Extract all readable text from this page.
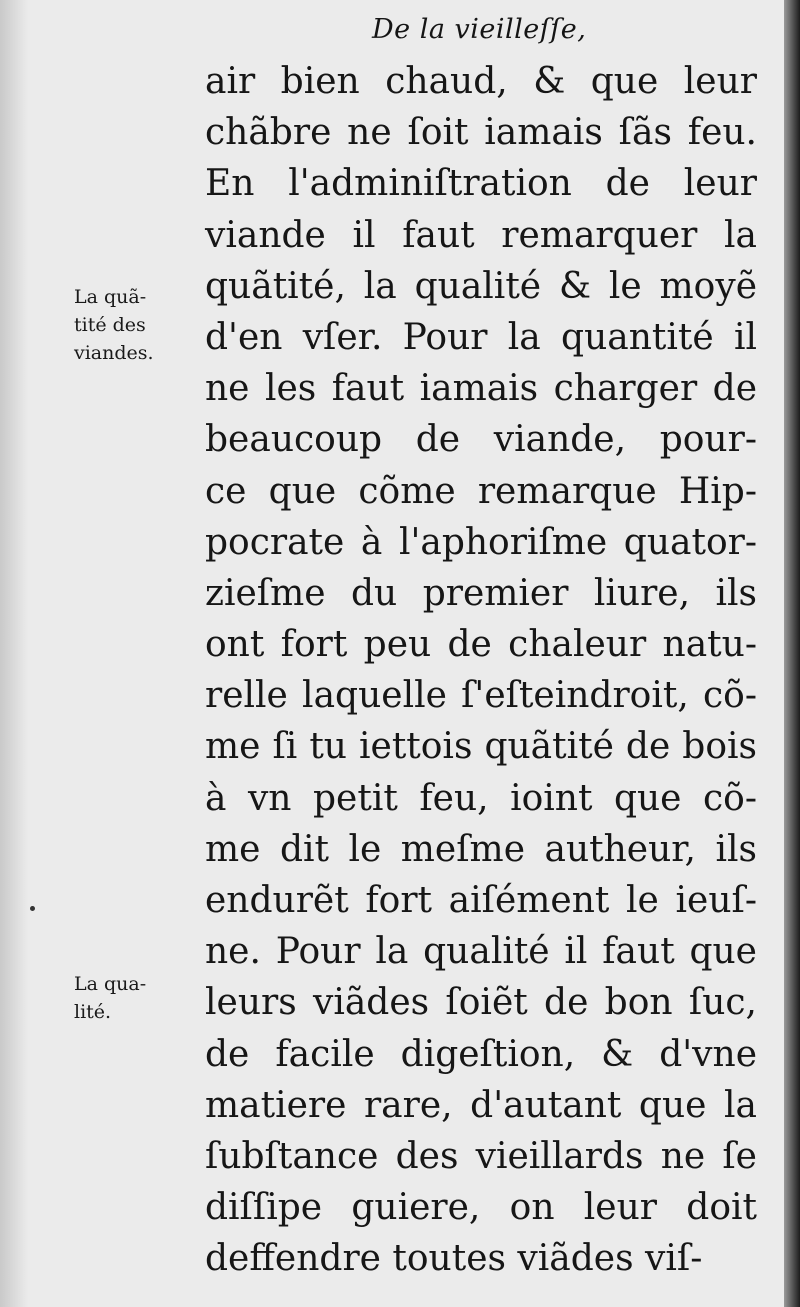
De la vieilleſſe,
La quã-
tité des
viandes.
La qua-
lité.
air bien chaud, & que leur
chãbre ne ſoit iamais ſãs feu.
En l'adminiſtration de leur
viande il faut remarquer la
quãtité, la qualité & le moyẽ
d'en vſer. Pour la quantité il
ne les faut iamais charger de
beaucoup de viande, pour-
ce que cõme remarque Hip-
pocrate à l'aphoriſme quator-
zieſme du premier liure, ils
ont fort peu de chaleur natu-
relle laquelle ſ'eſteindroit, cõ-
me ſi tu iettois quãtité de bois
à vn petit feu, ioint que cõ-
me dit le meſme autheur, ils
endurẽt fort aiſément le ieuſ-
ne. Pour la qualité il faut que
leurs viãdes ſoiẽt de bon ſuc,
de facile digeſtion, & d'vne
matiere rare, d'autant que la
ſubſtance des vieillards ne ſe
diſſipe guiere, on leur doit
deffendre toutes viãdes viſ-
